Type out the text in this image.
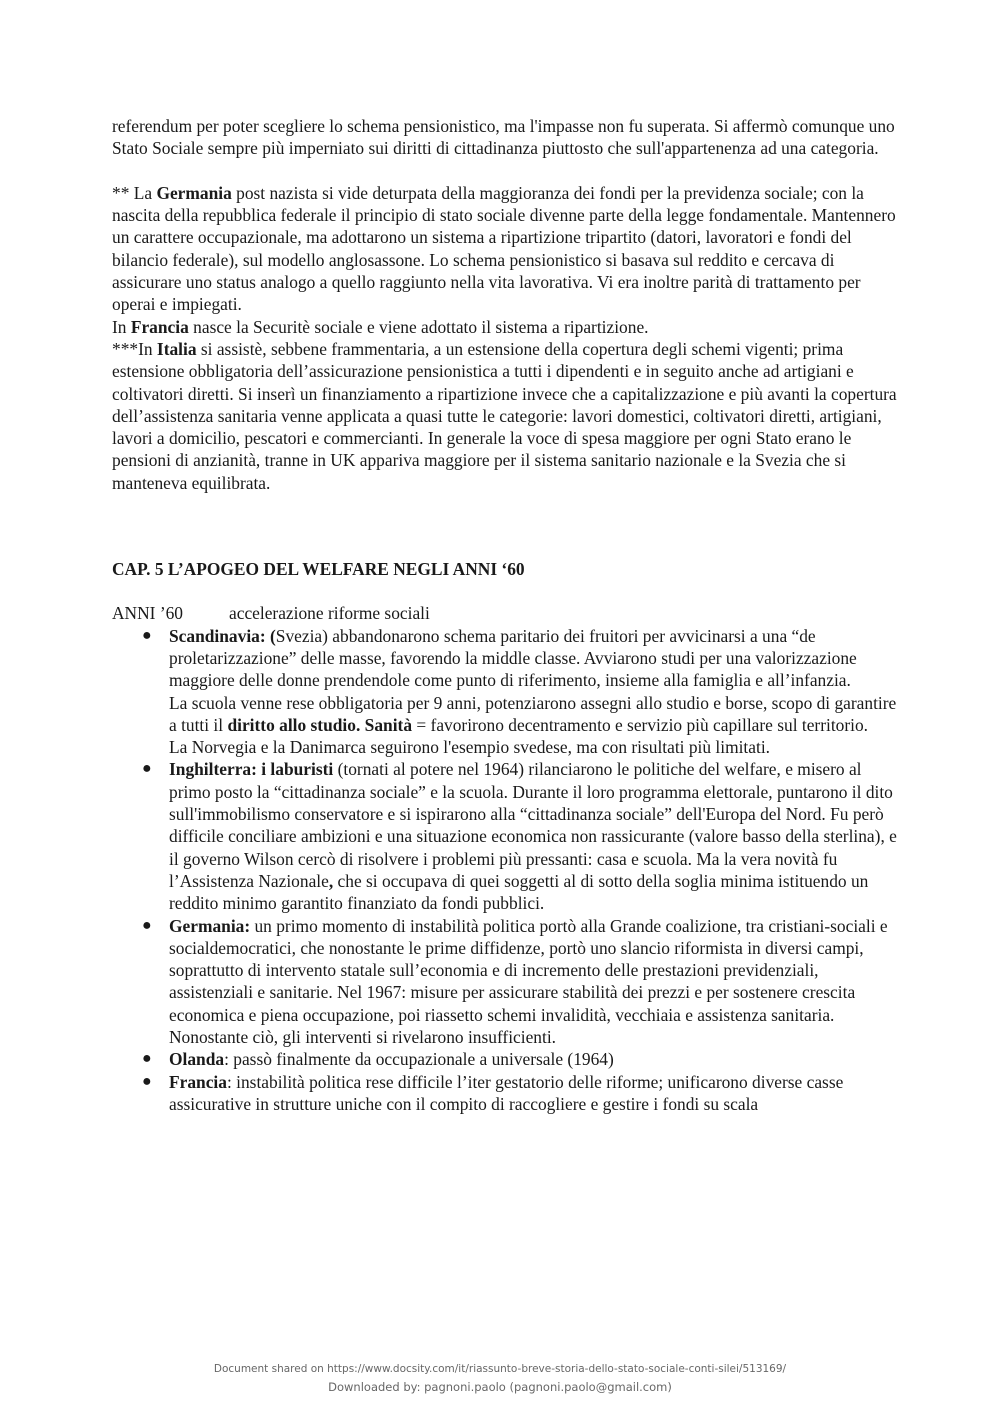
referendum per poter scegliere lo schema pensionistico, ma l'impasse non fu superata. Si affermò comunque uno Stato Sociale sempre più imperniato sui diritti di cittadinanza piuttosto che sull'appartenenza ad una categoria.

** La Germania post nazista si vide deturpata della maggioranza dei fondi per la previdenza sociale; con la nascita della repubblica federale il principio di stato sociale divenne parte della legge fondamentale. Mantennero un carattere occupazionale, ma adottarono un sistema a ripartizione tripartito (datori, lavoratori e fondi del bilancio federale), sul modello anglosassone. Lo schema pensionistico si basava sul reddito e cercava di assicurare uno status analogo a quello raggiunto nella vita lavorativa. Vi era inoltre parità di trattamento per operai e impiegati.

In Francia nasce la Securitè sociale e viene adottato il sistema a ripartizione.

***In Italia si assistè, sebbene frammentaria, a un estensione della copertura degli schemi vigenti; prima estensione obbligatoria dell’assicurazione pensionistica a tutti i dipendenti e in seguito anche ad artigiani e coltivatori diretti. Si inserì un finanziamento a ripartizione invece che a capitalizzazione e più avanti la copertura dell’assistenza sanitaria venne applicata a quasi tutte le categorie: lavori domestici, coltivatori diretti, artigiani, lavori a domicilio, pescatori e commercianti. In generale la voce di spesa maggiore per ogni Stato erano le pensioni di anzianità, tranne in UK appariva maggiore per il sistema sanitario nazionale e la Svezia che si manteneva equilibrata.

CAP. 5 L’APOGEO DEL WELFARE NEGLI ANNI ‘60

ANNI ’60	accelerazione riforme sociali
● Scandinavia: (Svezia) abbandonarono schema paritario dei fruitori per avvicinarsi a una “de proletarizzazione” delle masse, favorendo la middle classe. Avviarono studi per una valorizzazione maggiore delle donne prendendole come punto di riferimento, insieme alla famiglia e all’infanzia.

La scuola venne rese obbligatoria per 9 anni, potenziarono assegni allo studio e borse, scopo di garantire a tutti il diritto allo studio. Sanità = favorirono decentramento e servizio più capillare sul territorio.

La Norvegia e la Danimarca seguirono l'esempio svedese, ma con risultati più limitati.

● Inghilterra: i laburisti (tornati al potere nel 1964) rilanciarono le politiche del welfare, e misero al primo posto la “cittadinanza sociale” e la scuola. Durante il loro programma elettorale, puntarono il dito sull'immobilismo conservatore e si ispirarono alla “cittadinanza sociale” dell'Europa del Nord. Fu però difficile conciliare ambizioni e una situazione economica non rassicurante (valore basso della sterlina), e il governo Wilson cercò di risolvere i problemi più pressanti: casa e scuola. Ma la vera novità fu l’Assistenza Nazionale, che si occupava di quei soggetti al di sotto della soglia minima istituendo un reddito minimo garantito finanziato da fondi pubblici.

● Germania: un primo momento di instabilità politica portò alla Grande coalizione, tra cristiani-sociali e socialdemocratici, che nonostante le prime diffidenze, portò uno slancio riformista in diversi campi, soprattutto di intervento statale sull’economia e di incremento delle prestazioni previdenziali, assistenziali e sanitarie. Nel 1967: misure per assicurare stabilità dei prezzi e per sostenere crescita economica e piena occupazione, poi riassetto schemi invalidità, vecchiaia e assistenza sanitaria. Nonostante ciò, gli interventi si rivelarono insufficienti.

● Olanda: passò finalmente da occupazionale a universale (1964)

● Francia: instabilità politica rese difficile l’iter gestatorio delle riforme; unificarono diverse casse assicurative in strutture uniche con il compito di raccogliere e gestire i fondi su scala

Document shared on https://www.docsity.com/it/riassunto-breve-storia-dello-stato-sociale-conti-silei/513169/
Downloaded by: pagnoni.paolo (pagnoni.paolo@gmail.com)
